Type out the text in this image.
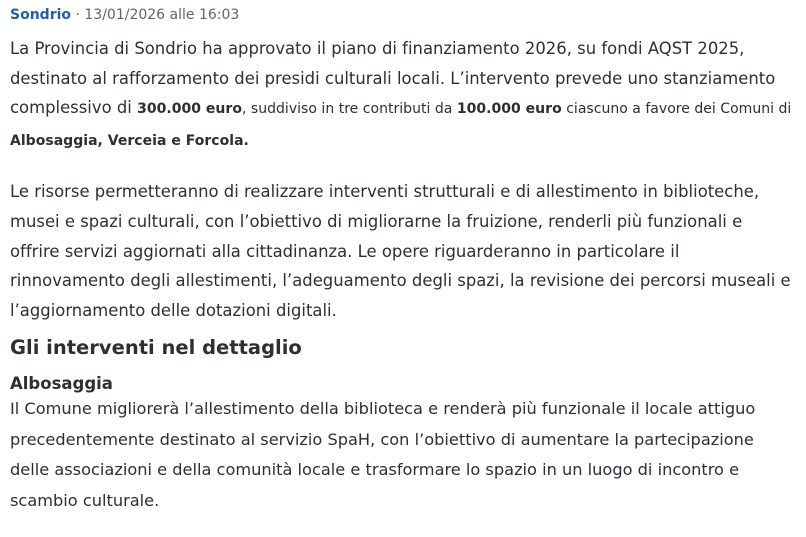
Sondrio · 13/01/2026 alle 16:03

La Provincia di Sondrio ha approvato il piano di finanziamento 2026, su fondi AQST 2025, destinato al rafforzamento dei presidi culturali locali. L’intervento prevede uno stanziamento complessivo di 300.000 euro, suddiviso in tre contributi da 100.000 euro ciascuno a favore dei Comuni di Albosaggia, Verceia e Forcola.

Le risorse permetteranno di realizzare interventi strutturali e di allestimento in biblioteche, musei e spazi culturali, con l’obiettivo di migliorarne la fruizione, renderli più funzionali e offrire servizi aggiornati alla cittadinanza. Le opere riguarderanno in particolare il rinnovamento degli allestimenti, l’adeguamento degli spazi, la revisione dei percorsi museali e l’aggiornamento delle dotazioni digitali.

Gli interventi nel dettaglio
Albosaggia

Il Comune migliorerà l’allestimento della biblioteca e renderà più funzionale il locale attiguo precedentemente destinato al servizio SpaH, con l’obiettivo di aumentare la partecipazione delle associazioni e della comunità locale e trasformare lo spazio in un luogo di incontro e scambio culturale.
